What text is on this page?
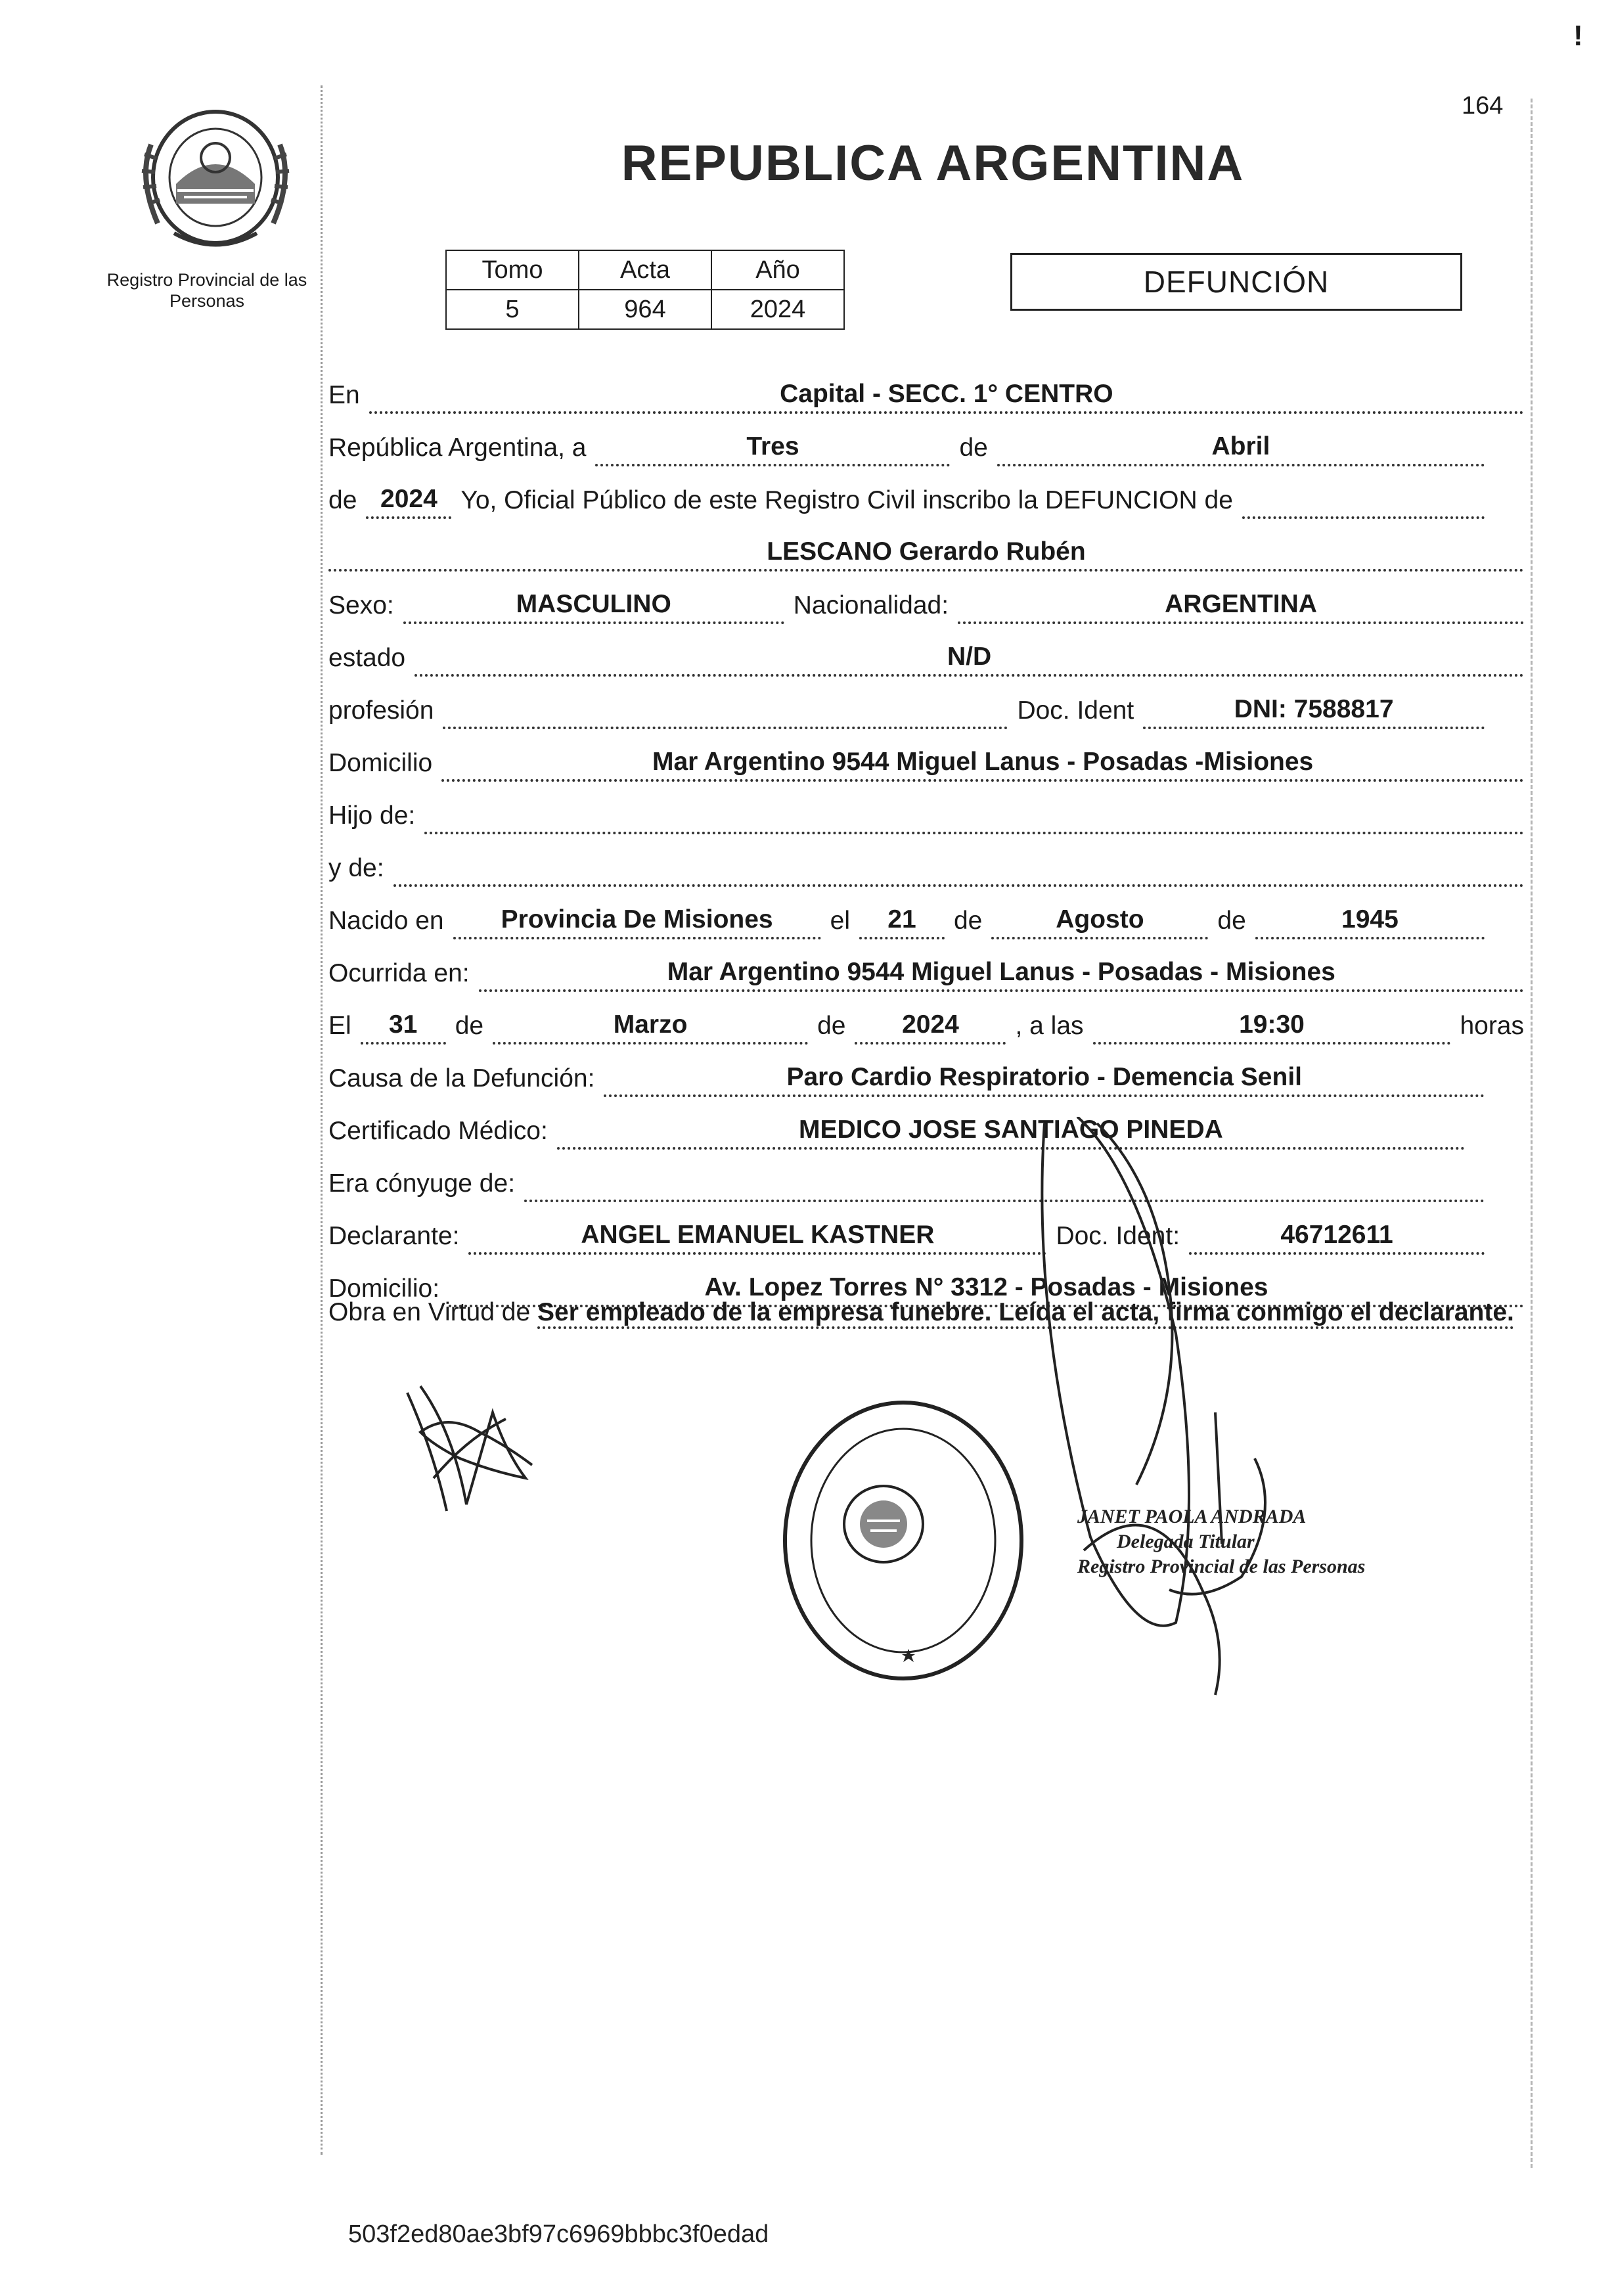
!
Registro Provincial de las Personas
164
REPUBLICA ARGENTINA
Tomo	Acta	Año
5	964	2024
DEFUNCIÓN
En	Capital - SECC. 1° CENTRO
República Argentina, a	Tres	de	Abril
de 2024 Yo, Oficial Público de este Registro Civil inscribo la DEFUNCION de
LESCANO Gerardo Rubén
Sexo:	MASCULINO	Nacionalidad:	ARGENTINA
estado	N/D
profesión	Doc. Ident	DNI: 7588817
Domicilio	Mar Argentino 9544 Miguel Lanus - Posadas -Misiones
Hijo de:
y de:
Nacido en	Provincia De Misiones	el	21	de	Agosto	de	1945
Ocurrida en:	Mar Argentino 9544 Miguel Lanus - Posadas - Misiones
El	31	de	Marzo	de	2024	, a las	19:30	horas
Causa de la Defunción:	Paro Cardio Respiratorio - Demencia Senil
Certificado Médico:	MEDICO JOSE SANTIAGO PINEDA
Era cónyuge de:
Declarante:	ANGEL EMANUEL KASTNER	Doc. Ident:	46712611
Domicilio:	Av. Lopez Torres N° 3312 - Posadas - Misiones
Obra en Virtud de Ser empleado de la empresa funebre. Leída el acta, firma conmigo el declarante.
JANET PAOLA ANDRADA
Delegada Titular
Registro Provincial de las Personas
503f2ed80ae3bf97c6969bbbc3f0edad
